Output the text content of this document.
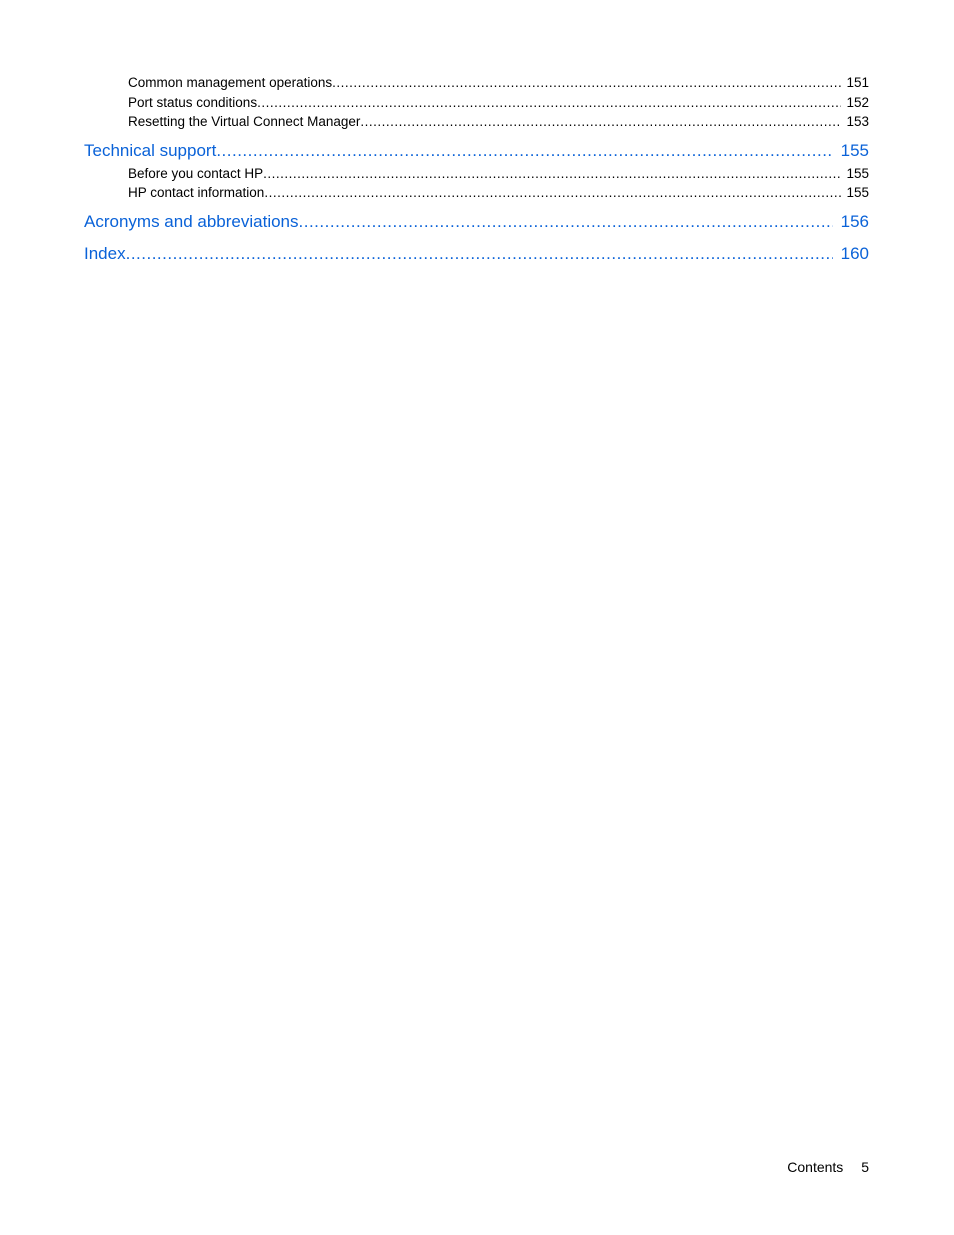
Common management operations .....	151
Port status conditions .....	152
Resetting the Virtual Connect Manager .....	153
Technical support .....	155
Before you contact HP .....	155
HP contact information .....	155
Acronyms and abbreviations .....	156
Index .....	160
Contents 5
